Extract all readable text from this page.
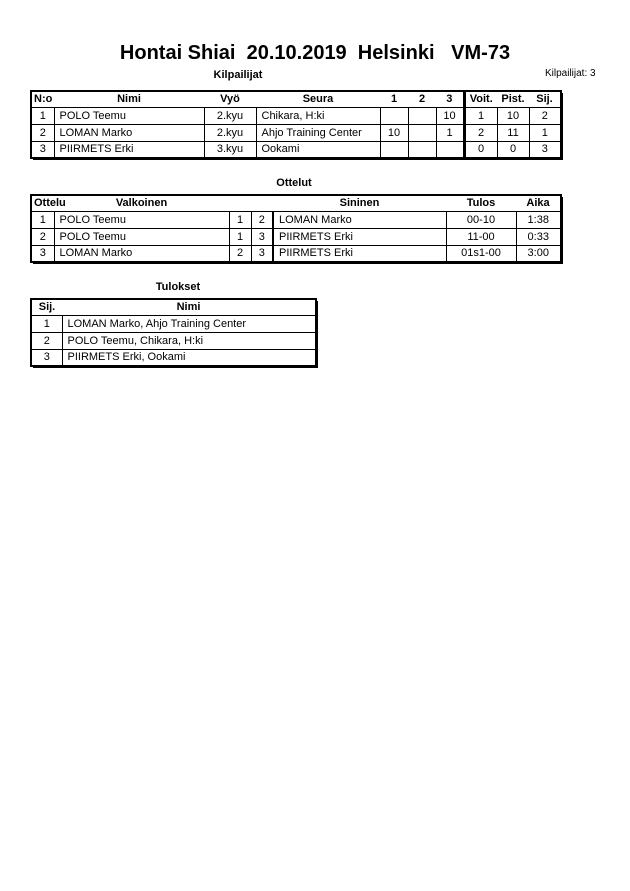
Hontai Shiai  20.10.2019  Helsinki   VM-73
Kilpailijat	Kilpailijat: 3
N:o	Nimi	Vyö	Seura	1	2	3	Voit.	Pist.	Sij.
1	POLO Teemu	2.kyu	Chikara, H:ki			10	1	10	2
2	LOMAN Marko	2.kyu	Ahjo Training Center	10		1	2	11	1
3	PIIRMETS Erki	3.kyu	Ookami				0	0	3
Ottelut
Ottelu	Valkoinen			Sininen	Tulos	Aika
1	POLO Teemu	1	2	LOMAN Marko	00-10	1:38
2	POLO Teemu	1	3	PIIRMETS Erki	11-00	0:33
3	LOMAN Marko	2	3	PIIRMETS Erki	01s1-00	3:00
Tulokset
Sij.	Nimi
1	LOMAN Marko, Ahjo Training Center
2	POLO Teemu, Chikara, H:ki
3	PIIRMETS Erki, Ookami
